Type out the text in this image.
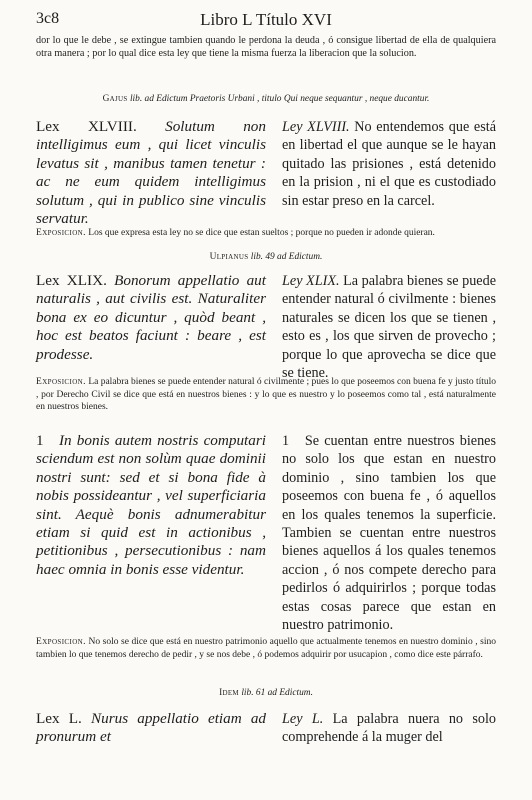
3c8	Libro L Título XVI
dor lo que le debe , se extingue tambien quando le perdona la deuda , ó consigue libertad de ella de qualquiera otra manera ; por lo qual dice esta ley que tiene la misma fuerza la liberacion que la solucion.
Gajus lib. ad Edictum Praetoris Urbani , titulo Qui neque sequantur , neque ducantur.
Lex XLVIII. Solutum non intelligimus eum , qui licet vinculis levatus sit , manibus tamen tenetur : ac ne eum quidem intelligimus solutum , qui in publico sine vinculis servatur.
Ley XLVIII. No entendemos que está en libertad el que aunque se le hayan quitado las prisiones , está detenido en la prision , ni el que es custodiado sin estar preso en la carcel.
Exposicion. Los que expresa esta ley no se dice que estan sueltos ; porque no pueden ir adonde quieran.
Ulpianus lib. 49 ad Edictum.
Lex XLIX. Bonorum appellatio aut naturalis , aut civilis est. Naturaliter bona ex eo dicuntur , quòd beant , hoc est beatos faciunt : beare , est prodesse.
Ley XLIX. La palabra bienes se puede entender natural ó civilmente : bienes naturales se dicen los que se tienen , esto es , los que sirven de provecho ; porque lo que aprovecha se dice que se tiene.
Exposicion. La palabra bienes se puede entender natural ó civilmente ; pues lo que poseemos con buena fe y justo título , por Derecho Civil se dice que está en nuestros bienes : y lo que es nuestro y lo poseemos como tal , está naturalmente en nuestros bienes.
1 In bonis autem nostris computari sciendum est non solùm quae dominii nostri sunt: sed et si bona fide à nobis possideantur , vel superficiaria sint. Aequè bonis adnumerabitur etiam si quid est in actionibus , petitionibus , persecutionibus : nam haec omnia in bonis esse videntur.
1 Se cuentan entre nuestros bienes no solo los que estan en nuestro dominio , sino tambien los que poseemos con buena fe , ó aquellos en los quales tenemos la superficie. Tambien se cuentan entre nuestros bienes aquellos á los quales tenemos accion , ó nos compete derecho para pedirlos ó adquirirlos ; porque todas estas cosas parece que estan en nuestro patrimonio.
Exposicion. No solo se dice que está en nuestro patrimonio aquello que actualmente tenemos en nuestro dominio , sino tambien lo que tenemos derecho de pedir , y se nos debe , ó podemos adquirir por usucapion , como dice este párrafo.
Idem lib. 61 ad Edictum.
Lex L. Nurus appellatio etiam ad pronurum et
Ley L. La palabra nuera no solo comprehende á la muger del
